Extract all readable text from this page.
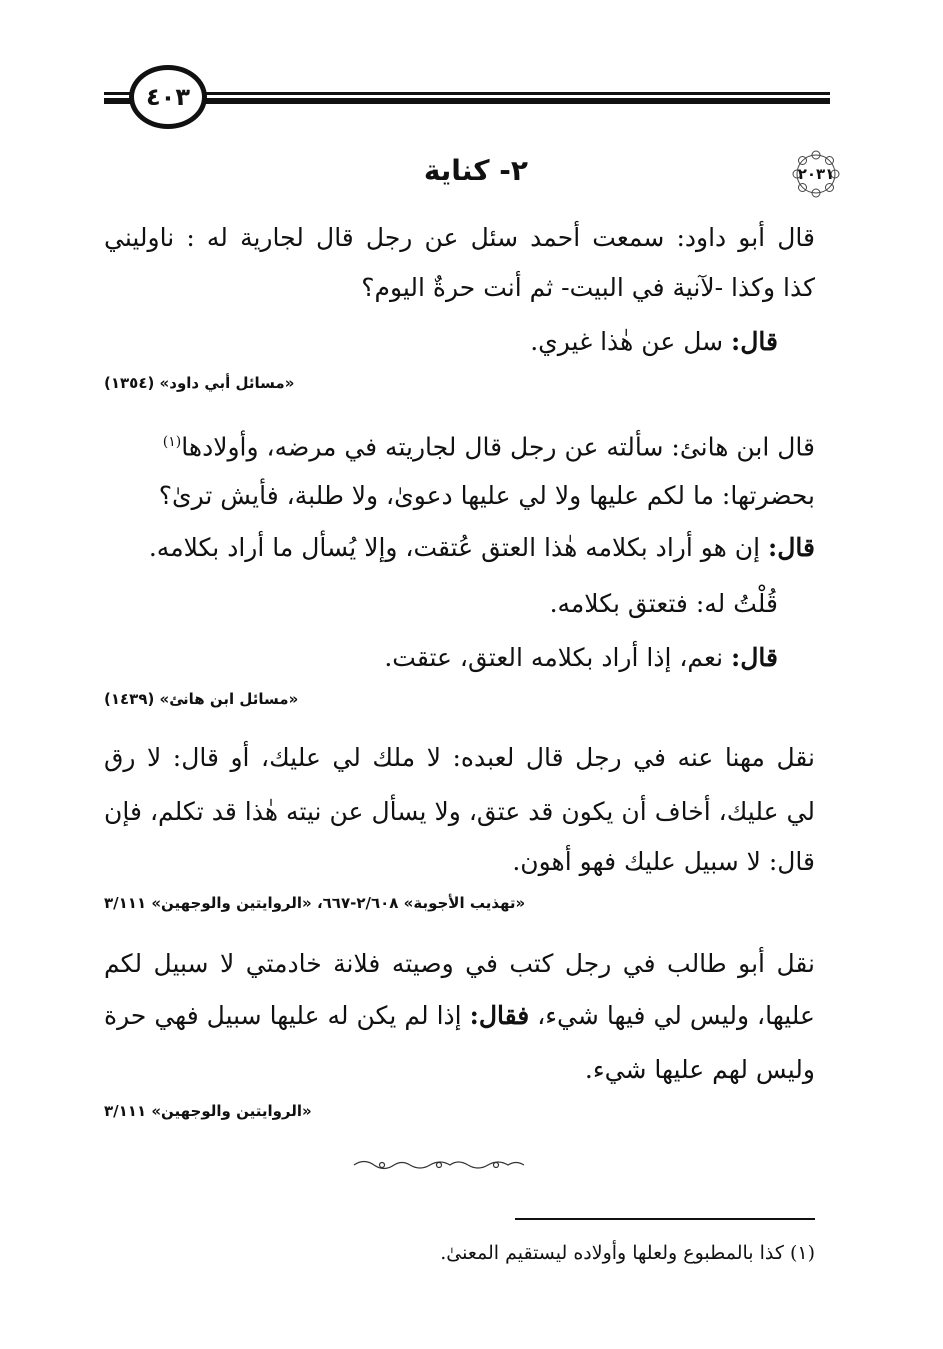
٤٠٣
٢٠٣١
٢- كناية
قال أبو داود: سمعت أحمد سئل عن رجل قال لجارية له : ناوليني
كذا وكذا -لآنية في البيت- ثم أنت حرةٌ اليوم؟
قال: سل عن هٰذا غيري.
«مسائل أبي داود» (١٣٥٤)
قال ابن هانئ: سألته عن رجل قال لجاريته في مرضه، وأولادها$^{(١)}$
بحضرتها: ما لكم عليها ولا لي عليها دعوىٰ، ولا طلبة، فأيش ترىٰ؟
قال: إن هو أراد بكلامه هٰذا العتق عُتقت، وإلا يُسأل ما أراد بكلامه.
قُلْتُ له: فتعتق بكلامه.
قال: نعم، إذا أراد بكلامه العتق، عتقت.
«مسائل ابن هانئ» (١٤٣٩)
نقل مهنا عنه في رجل قال لعبده: لا ملك لي عليك، أو قال: لا رق
لي عليك، أخاف أن يكون قد عتق، ولا يسأل عن نيته هٰذا قد تكلم، فإن
قال: لا سبيل عليك فهو أهون.
«تهذيب الأجوبة» ٢/٦٠٨-٦٦٧، «الروايتين والوجهين» ٣/١١١
نقل أبو طالب في رجل كتب في وصيته فلانة خادمتي لا سبيل لكم
عليها، وليس لي فيها شيء، فقال: إذا لم يكن له عليها سبيل فهي حرة
وليس لهم عليها شيء.
«الروايتين والوجهين» ٣/١١١
(١) كذا بالمطبوع ولعلها وأولاده ليستقيم المعنىٰ.
